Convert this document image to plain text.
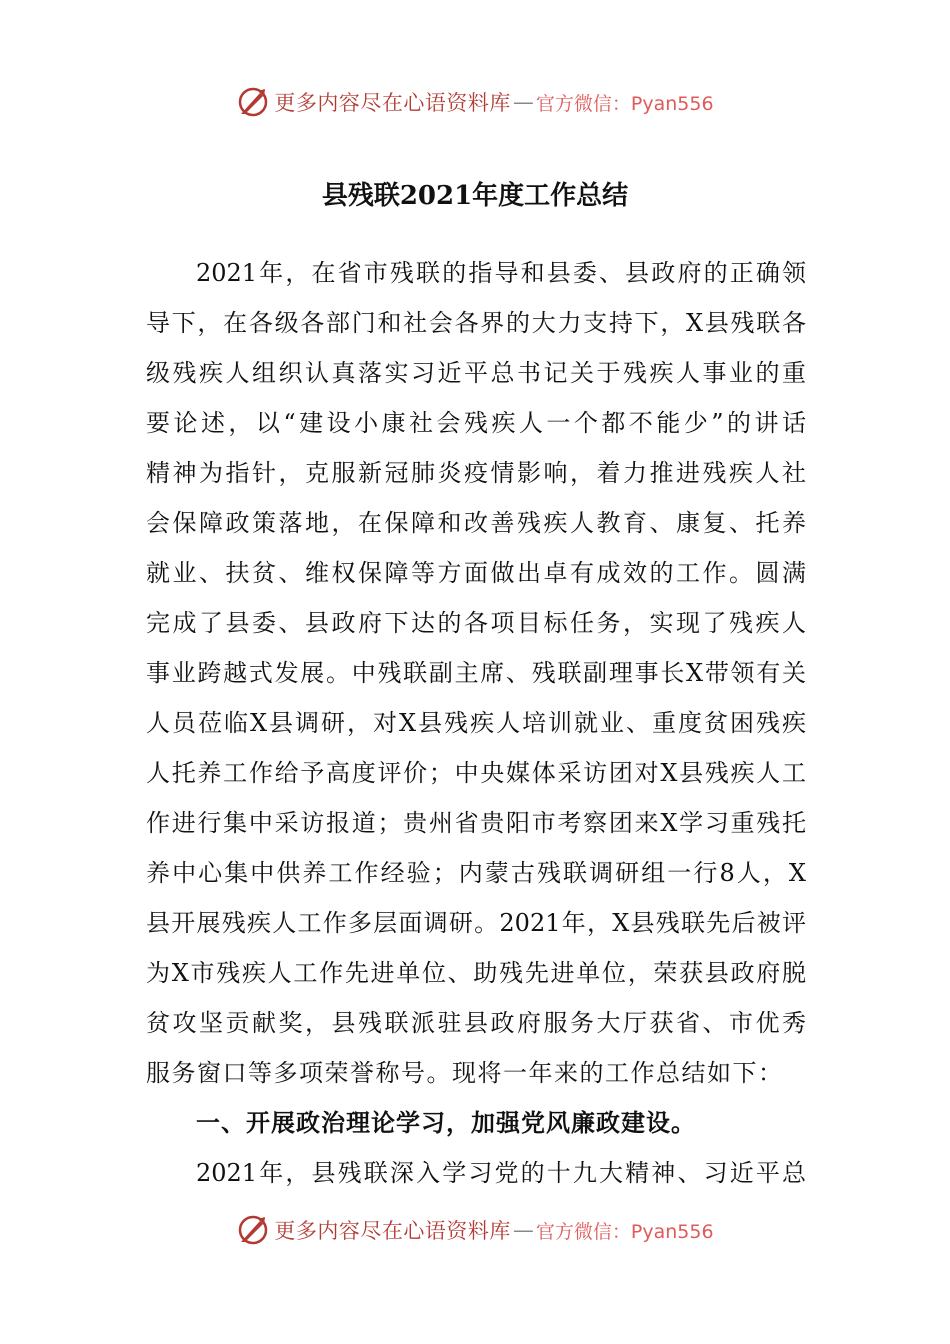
更多内容尽在心语资料库 — 官方微信：Pyan556
县残联2021年度工作总结
2021年，在省市残联的指导和县委、县政府的正确领
导下，在各级各部门和社会各界的大力支持下，X县残联各
级残疾人组织认真落实习近平总书记关于残疾人事业的重
要论述，以“建设小康社会残疾人一个都不能少”的讲话
精神为指针，克服新冠肺炎疫情影响，着力推进残疾人社
会保障政策落地，在保障和改善残疾人教育、康复、托养
就业、扶贫、维权保障等方面做出卓有成效的工作。圆满
完成了县委、县政府下达的各项目标任务，实现了残疾人
事业跨越式发展。中残联副主席、残联副理事长X带领有关
人员莅临X县调研，对X县残疾人培训就业、重度贫困残疾
人托养工作给予高度评价；中央媒体采访团对X县残疾人工
作进行集中采访报道；贵州省贵阳市考察团来X学习重残托
养中心集中供养工作经验；内蒙古残联调研组一行8人，X
县开展残疾人工作多层面调研。2021年，X县残联先后被评
为X市残疾人工作先进单位、助残先进单位，荣获县政府脱
贫攻坚贡献奖，县残联派驻县政府服务大厅获省、市优秀
服务窗口等多项荣誉称号。现将一年来的工作总结如下：
一、开展政治理论学习，加强党风廉政建设。
2021年，县残联深入学习党的十九大精神、习近平总
更多内容尽在心语资料库 — 官方微信：Pyan556
